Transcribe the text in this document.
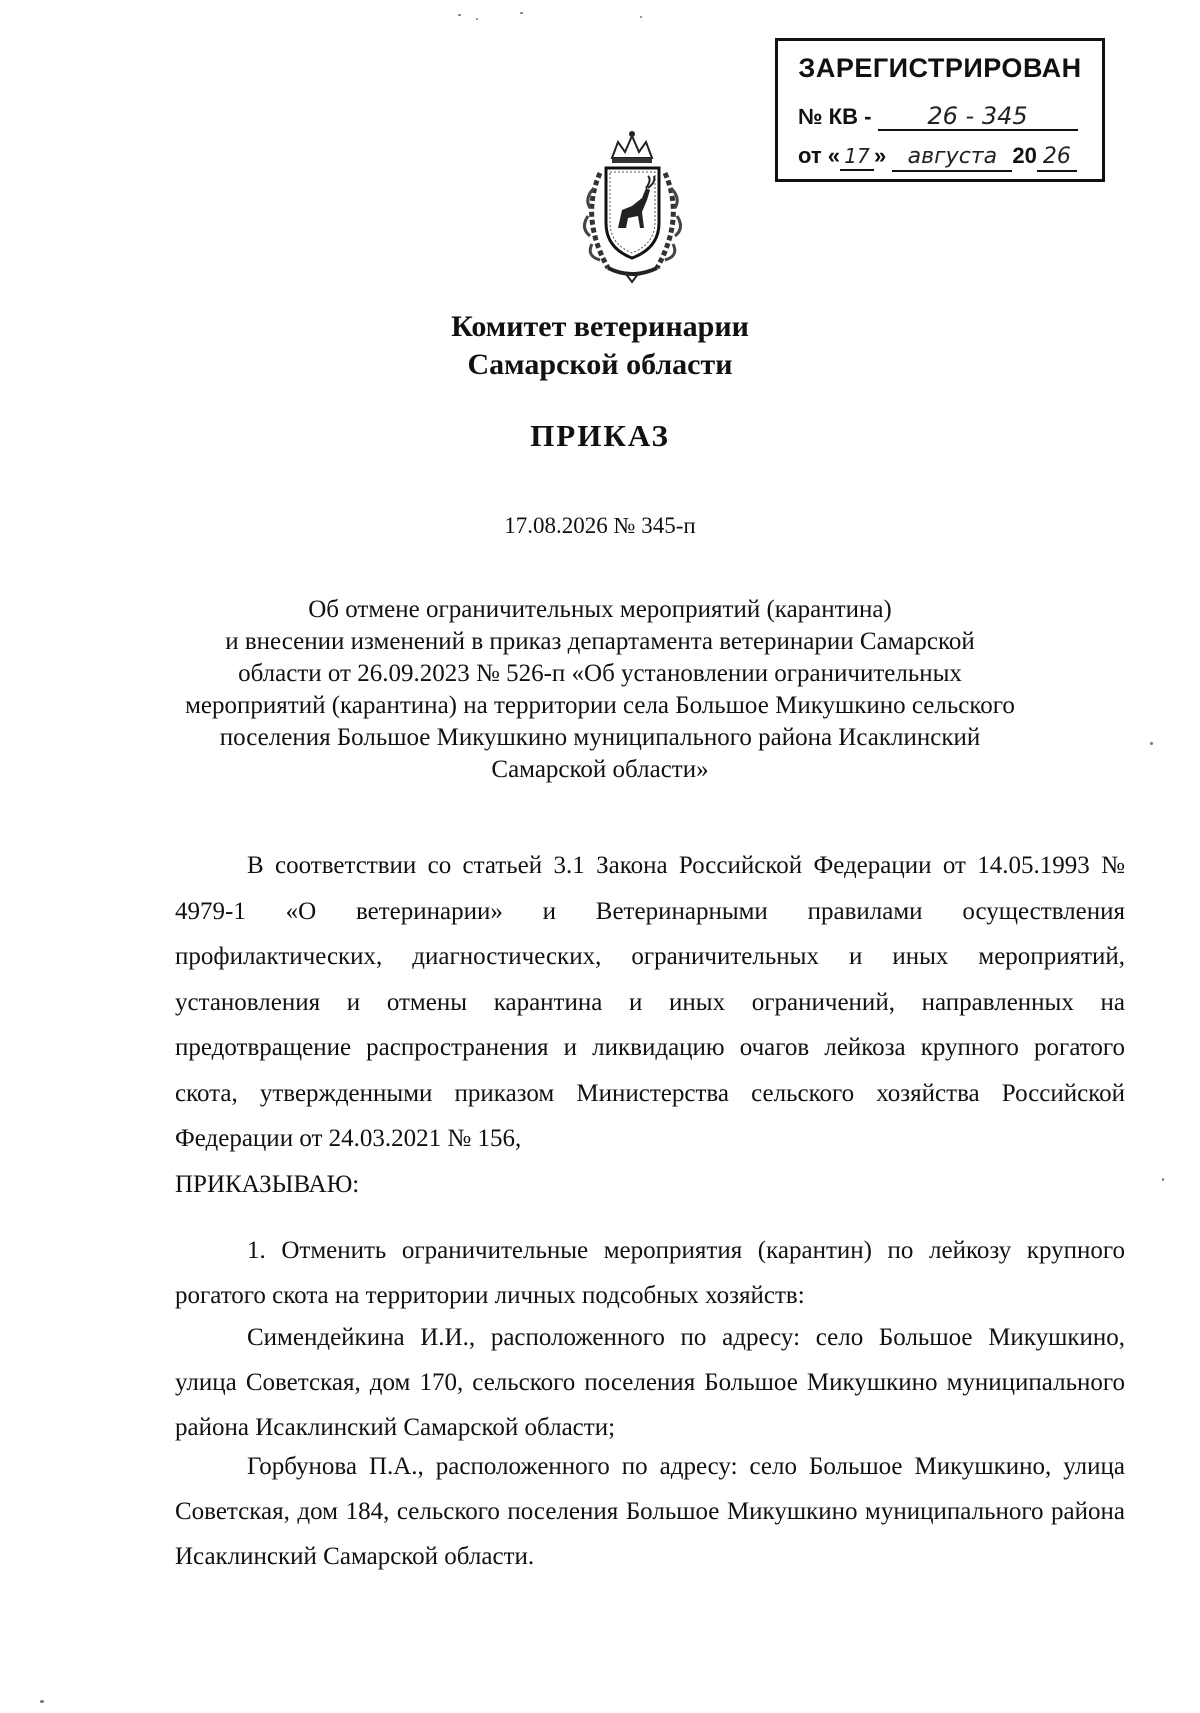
ЗАРЕГИСТРИРОВАН
№ КВ - 26 - 345
от « 17 » августа 20 26
Комитет ветеринарии
Самарской области
ПРИКАЗ
17.08.2026 № 345-п
Об отмене ограничительных мероприятий (карантина)
и внесении изменений в приказ департамента ветеринарии Самарской
области от 26.09.2023 № 526-п «Об установлении ограничительных
мероприятий (карантина) на территории села Большое Микушкино сельского
поселения Большое Микушкино муниципального района Исаклинский
Самарской области»

В соответствии со статьей 3.1 Закона Российской Федерации от 14.05.1993 № 4979-1 «О ветеринарии» и Ветеринарными правилами осуществления профилактических, диагностических, ограничительных и иных мероприятий, установления и отмены карантина и иных ограничений, направленных на предотвращение распространения и ликвидацию очагов лейкоза крупного рогатого скота, утвержденными приказом Министерства сельского хозяйства Российской Федерации от 24.03.2021 № 156,

ПРИКАЗЫВАЮ:

1. Отменить ограничительные мероприятия (карантин) по лейкозу крупного рогатого скота на территории личных подсобных хозяйств:

Симендейкина И.И., расположенного по адресу: село Большое Микушкино, улица Советская, дом 170, сельского поселения Большое Микушкино муниципального района Исаклинский Самарской области;

Горбунова П.А., расположенного по адресу: село Большое Микушкино, улица Советская, дом 184, сельского поселения Большое Микушкино муниципального района Исаклинский Самарской области.
